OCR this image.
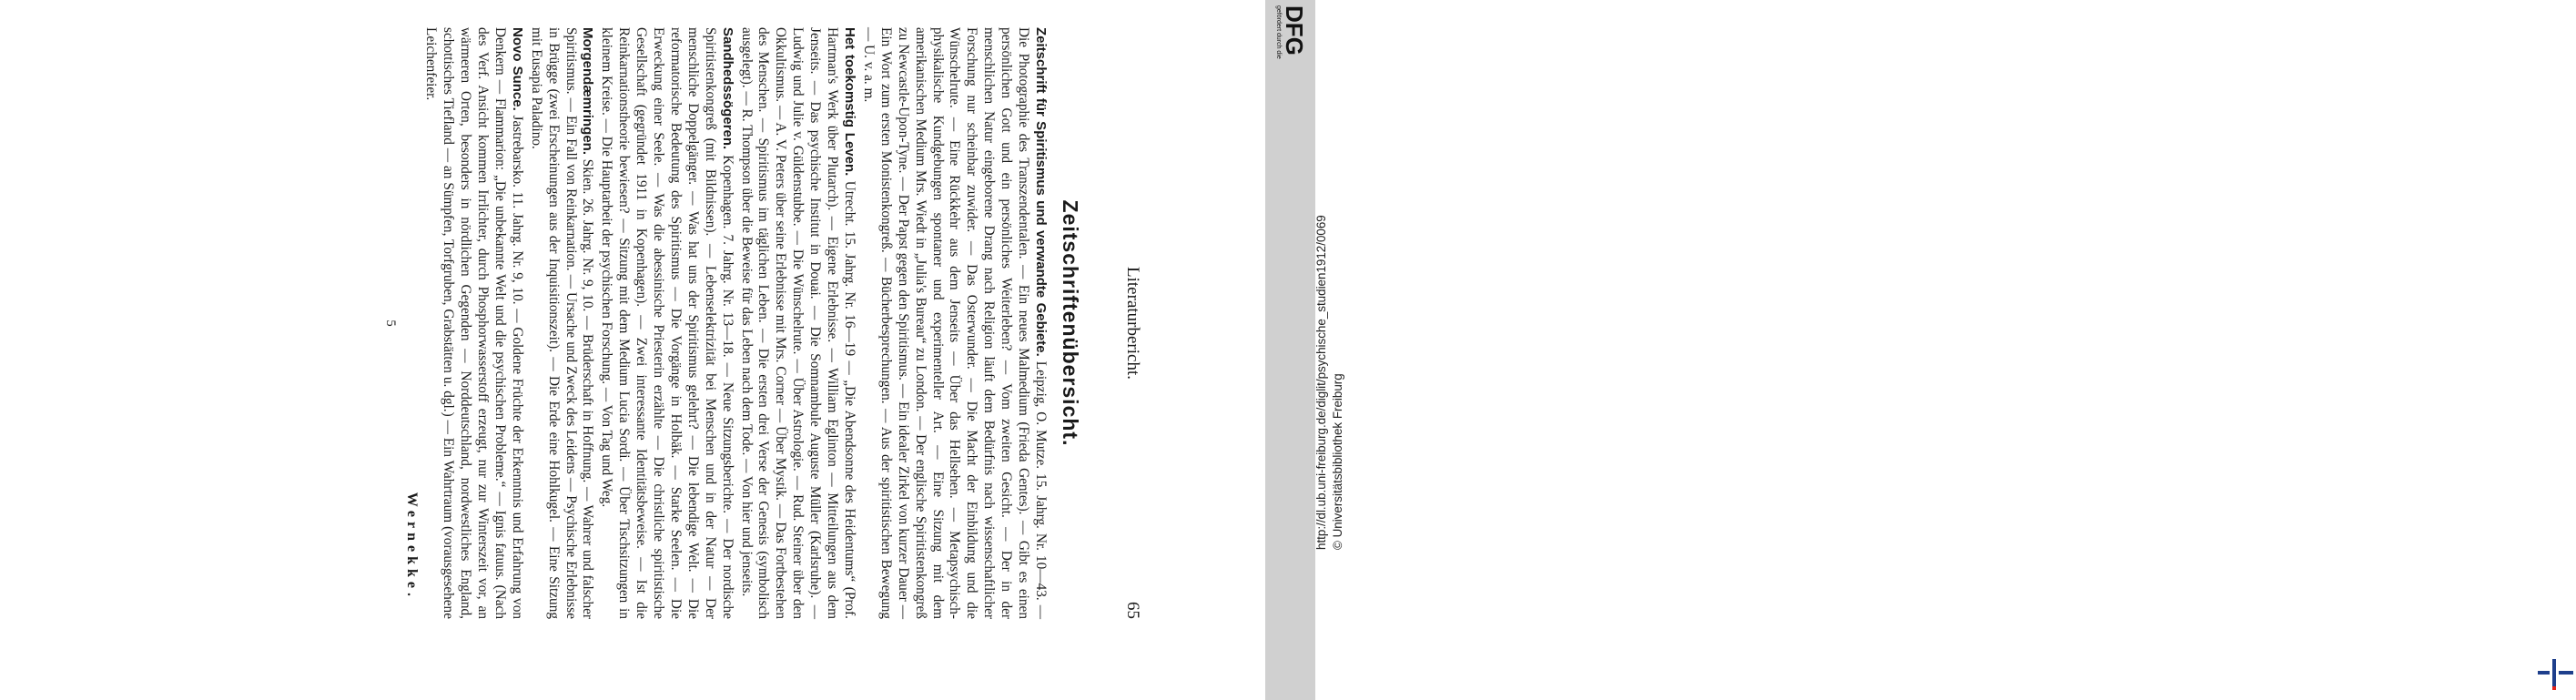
Literaturbericht.
65
Zeitschriftenübersicht.

Zeitschrift für Spiritismus und verwandte Gebiete. Leipzig, O. Mutze. 15. Jahrg. Nr. 10—43. — Die Photographie des Transzendentalen. — Ein neues Malmedium (Frieda Gentes). — Gibt es einen persönlichen Gott und ein persönliches Weiterleben? — Vom zweiten Gesicht. — Der in der menschlichen Natur eingeborene Drang nach Religion läuft dem Bedürfnis nach wissenschaftlicher Forschung nur scheinbar zuwider. — Das Osterwunder. — Die Macht der Einbildung und die Wünschelrute. — Eine Rückkehr aus dem Jenseits — Über das Hellsehen. — Metapsychisch-physikalische Kundgebungen spontaner und experimenteller Art. — Eine Sitzung mit dem amerikanischen Medium Mrs. Wiedt in „Julia's Bureau“ zu London. — Der englische Spiritistenkongreß zu Newcastle-Upon-Tyne. — Der Papst gegen den Spiritismus. — Ein idealer Zirkel von kurzer Dauer — Ein Wort zum ersten Monistenkongreß. — Bücherbesprechungen. — Aus der spiritistischen Bewegung — U. v. a. m.

Het toekomstig Leven. Utrecht. 15. Jahrg. Nr. 16—19 — „Die Abendsonne des Heidentums“ (Prof. Hartman's Werk über Plutarch). — Eigene Erlebnisse. — William Eglinton — Mitteilungen aus dem Jenseits. — Das psychische Institut in Douai. — Die Somnambule Auguste Müller (Karlsruhe). — Ludwig und Julie v. Güldenstubbe. — Die Wünschelrute. — Über Astrologie. — Rud. Steiner über den Okkultismus. — A. V. Peters über seine Erlebnisse mit Mrs. Corner — Über Mystik. — Das Fortbestehen des Menschen. — Spiritismus im täglichen Leben. — Die ersten drei Verse der Genesis (symbolisch ausgelegt). — R. Thompson über die Beweise für das Leben nach dem Tode. — Von hier und jenseits.

Sandhedssögeren. Kopenhagen. 7. Jahrg. Nr. 13—18. — Neue Sitzungsberichte. — Der nordische Spiritistenkongreß (mit Bildnissen). — Lebenselektrizität bei Menschen und in der Natur — Der menschliche Doppelgänger. — Was hat uns der Spiritismus gelehrt? — Die lebendige Welt. — Die reformatorische Bedeutung des Spiritismus — Die Vorgänge in Holbäk. — Starke Seelen. — Die Erweckung einer Seele. — Was die abessinische Priesterin erzählte — Die christliche spiritistische Gesellschaft (gegründet 1911 in Kopenhagen). — Zwei interessante Identitätsbeweise. — Ist die Reinkarnationstheorie bewiesen? — Sitzung mit dem Medium Lucia Sordi. — Über Tischsitzungen in kleinem Kreise. — Die Hauptarbeit der psychischen Forschung. — Von Tag und Weg.

Morgendæmringen. Skien. 26. Jahrg. Nr. 9, 10. — Brüderschaft in Hoffnung. — Wahrer und falscher Spiritismus. — Ein Fall von Reinkarnation. — Ursache und Zweck des Leidens — Psychische Erlebnisse in Brügge (zwei Erscheinungen aus der Inquisitionszeit). — Die Erde eine Hohlkugel. — Eine Sitzung mit Eusapia Paladino.

Novo Sunce. Jastrebarsko. 11. Jahrg. Nr. 9, 10. — Goldene Früchte der Erkenntnis und Erfahrung von Denkern — Flammarion: „Die unbekannte Welt und die psychischen Probleme.“ — Ignis fatuus. (Nach des Verf. Ansicht kommen Irrlichter, durch Phosphorwasserstoff erzeugt, nur zur Winterszeit vor, an wärmeren Orten, besonders in nördlichen Gegenden — Norddeutschland, nordwestliches England, schottisches Tiefland — an Sümpfen, Torfgruben, Grabstätten u. dgl.) — Ein Wahrtraum (vorausgesehene Leichenfeier.

Wernekke.
5
gefördert durch die DFG
http://dl.ub.uni-freiburg.de/diglit/psychische_studien1912/0069 © Universitätsbibliothek Freiburg
